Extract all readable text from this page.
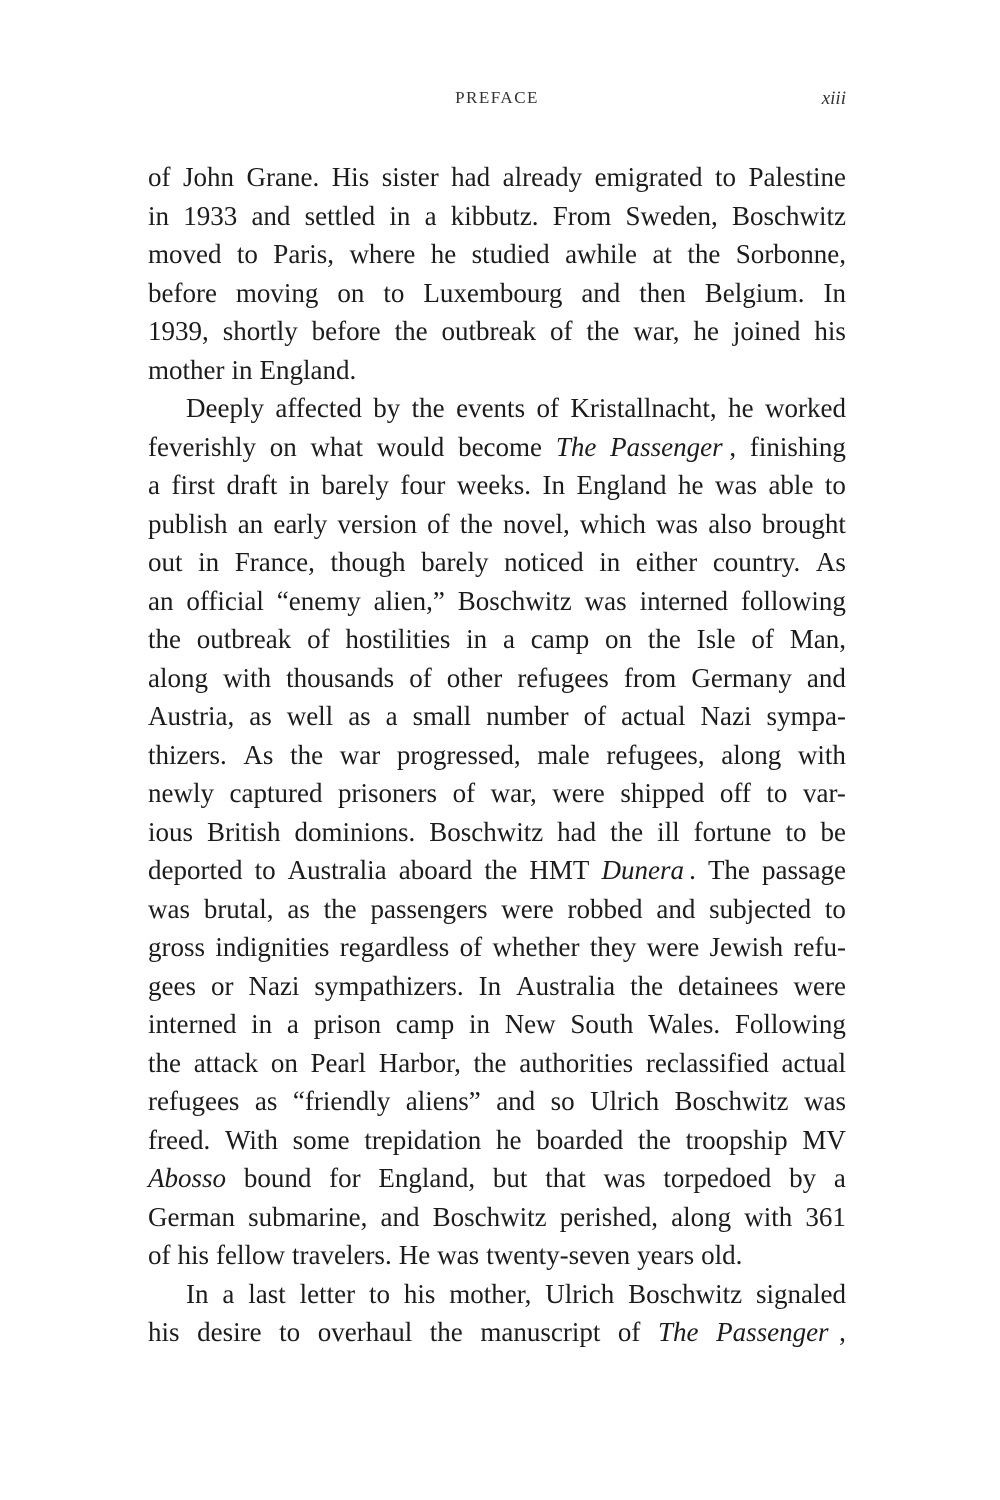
PREFACE	xiii
of John Grane. His sister had already emigrated to Palestine
in 1933 and settled in a kibbutz. From Sweden, Boschwitz
moved to Paris, where he studied awhile at the Sorbonne,
before moving on to Luxembourg and then Belgium. In
1939, shortly before the outbreak of the war, he joined his
mother in England.
Deeply affected by the events of Kristallnacht, he worked
feverishly on what would become The Passenger , finishing
a first draft in barely four weeks. In England he was able to
publish an early version of the novel, which was also brought
out in France, though barely noticed in either country. As
an official “enemy alien,” Boschwitz was interned following
the outbreak of hostilities in a camp on the Isle of Man,
along with thousands of other refugees from Germany and
Austria, as well as a small number of actual Nazi sympa-
thizers. As the war progressed, male refugees, along with
newly captured prisoners of war, were shipped off to var-
ious British dominions. Boschwitz had the ill fortune to be
deported to Australia aboard the HMT Dunera . The passage
was brutal, as the passengers were robbed and subjected to
gross indignities regardless of whether they were Jewish refu-
gees or Nazi sympathizers. In Australia the detainees were
interned in a prison camp in New South Wales. Following
the attack on Pearl Harbor, the authorities reclassified actual
refugees as “friendly aliens” and so Ulrich Boschwitz was
freed. With some trepidation he boarded the troopship MV
Abosso bound for England, but that was torpedoed by a
German submarine, and Boschwitz perished, along with 361
of his fellow travelers. He was twenty-seven years old.
In a last letter to his mother, Ulrich Boschwitz signaled
his desire to overhaul the manuscript of The Passenger ,
